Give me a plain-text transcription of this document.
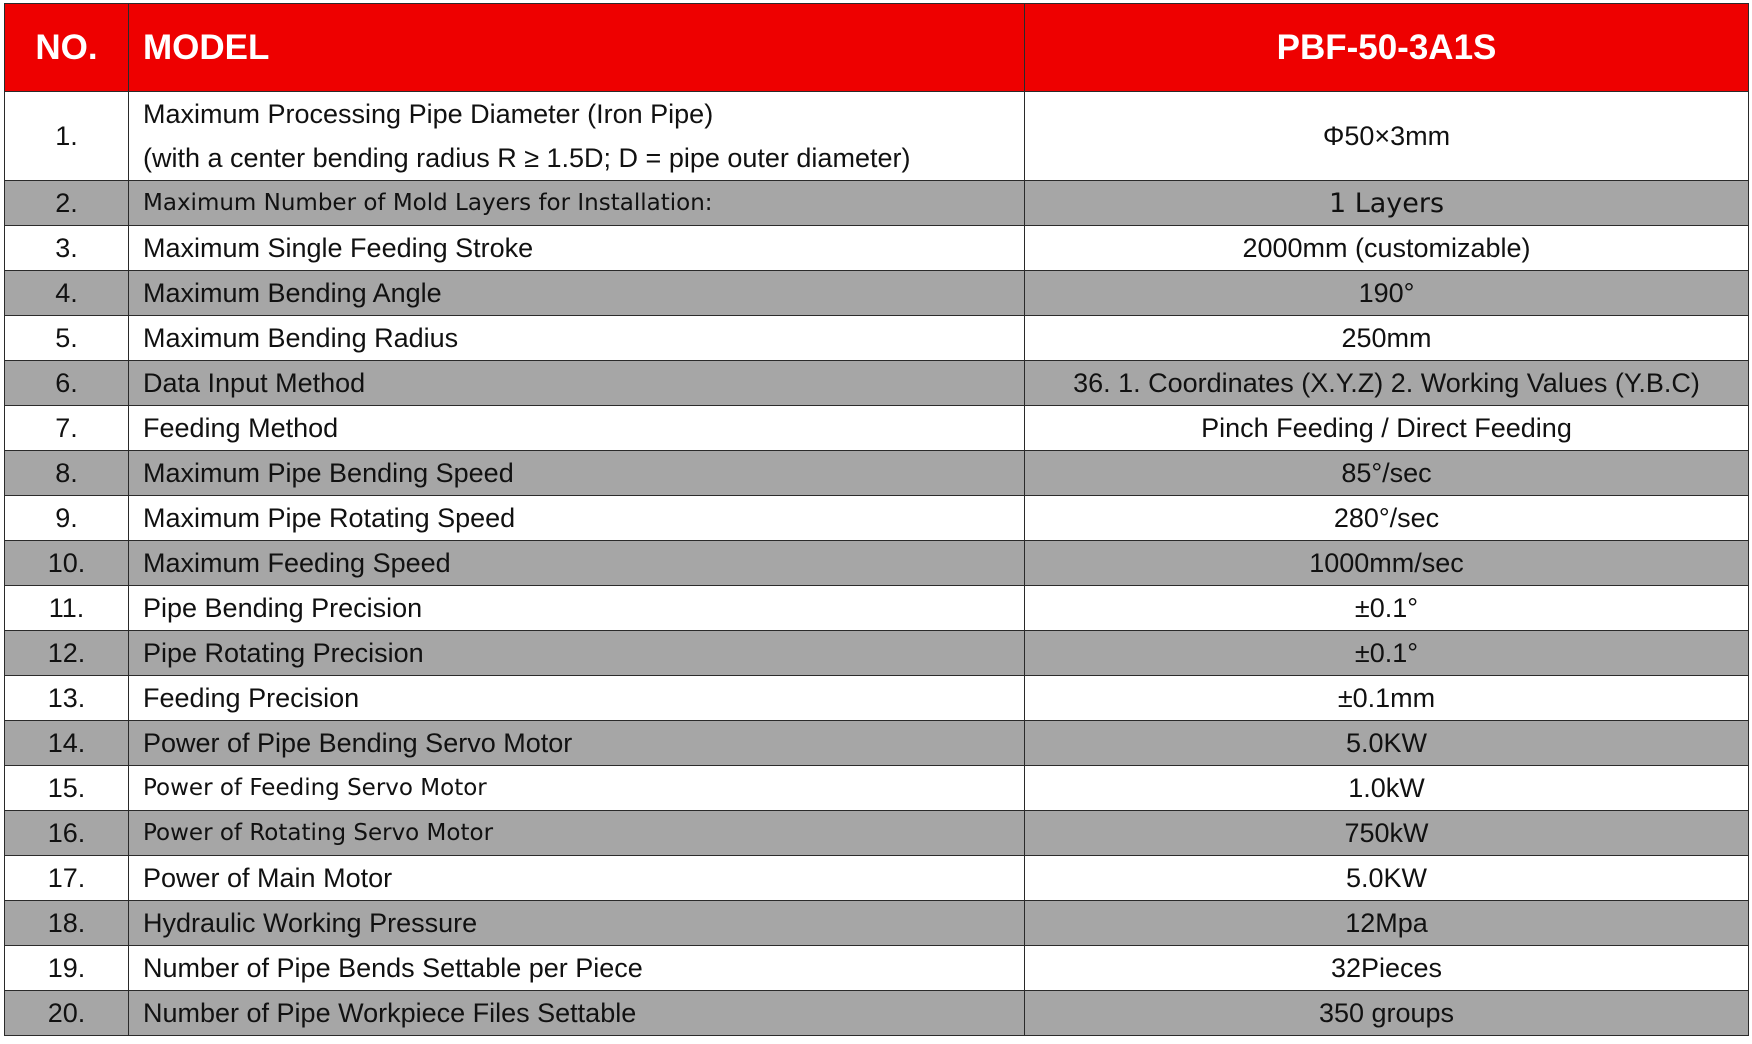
NO.	MODEL	PBF-50-3A1S
1.	Maximum Processing Pipe Diameter (Iron Pipe)
(with a center bending radius R ≥ 1.5D; D = pipe outer diameter)	Φ50×3mm
2.	Maximum Number of Mold Layers for Installation:	1 Layers
3.	Maximum Single Feeding Stroke	2000mm (customizable)
4.	Maximum Bending Angle	190°
5.	Maximum Bending Radius	250mm
6.	Data Input Method	36. 1. Coordinates (X.Y.Z) 2. Working Values (Y.B.C)
7.	Feeding Method	Pinch Feeding / Direct Feeding
8.	Maximum Pipe Bending Speed	85°/sec
9.	Maximum Pipe Rotating Speed	280°/sec
10.	Maximum Feeding Speed	1000mm/sec
11.	Pipe Bending Precision	±0.1°
12.	Pipe Rotating Precision	±0.1°
13.	Feeding Precision	±0.1mm
14.	Power of Pipe Bending Servo Motor	5.0KW
15.	Power of Feeding Servo Motor	1.0kW
16.	Power of Rotating Servo Motor	750kW
17.	Power of Main Motor	5.0KW
18.	Hydraulic Working Pressure	12Mpa
19.	Number of Pipe Bends Settable per Piece	32Pieces
20.	Number of Pipe Workpiece Files Settable	350 groups
